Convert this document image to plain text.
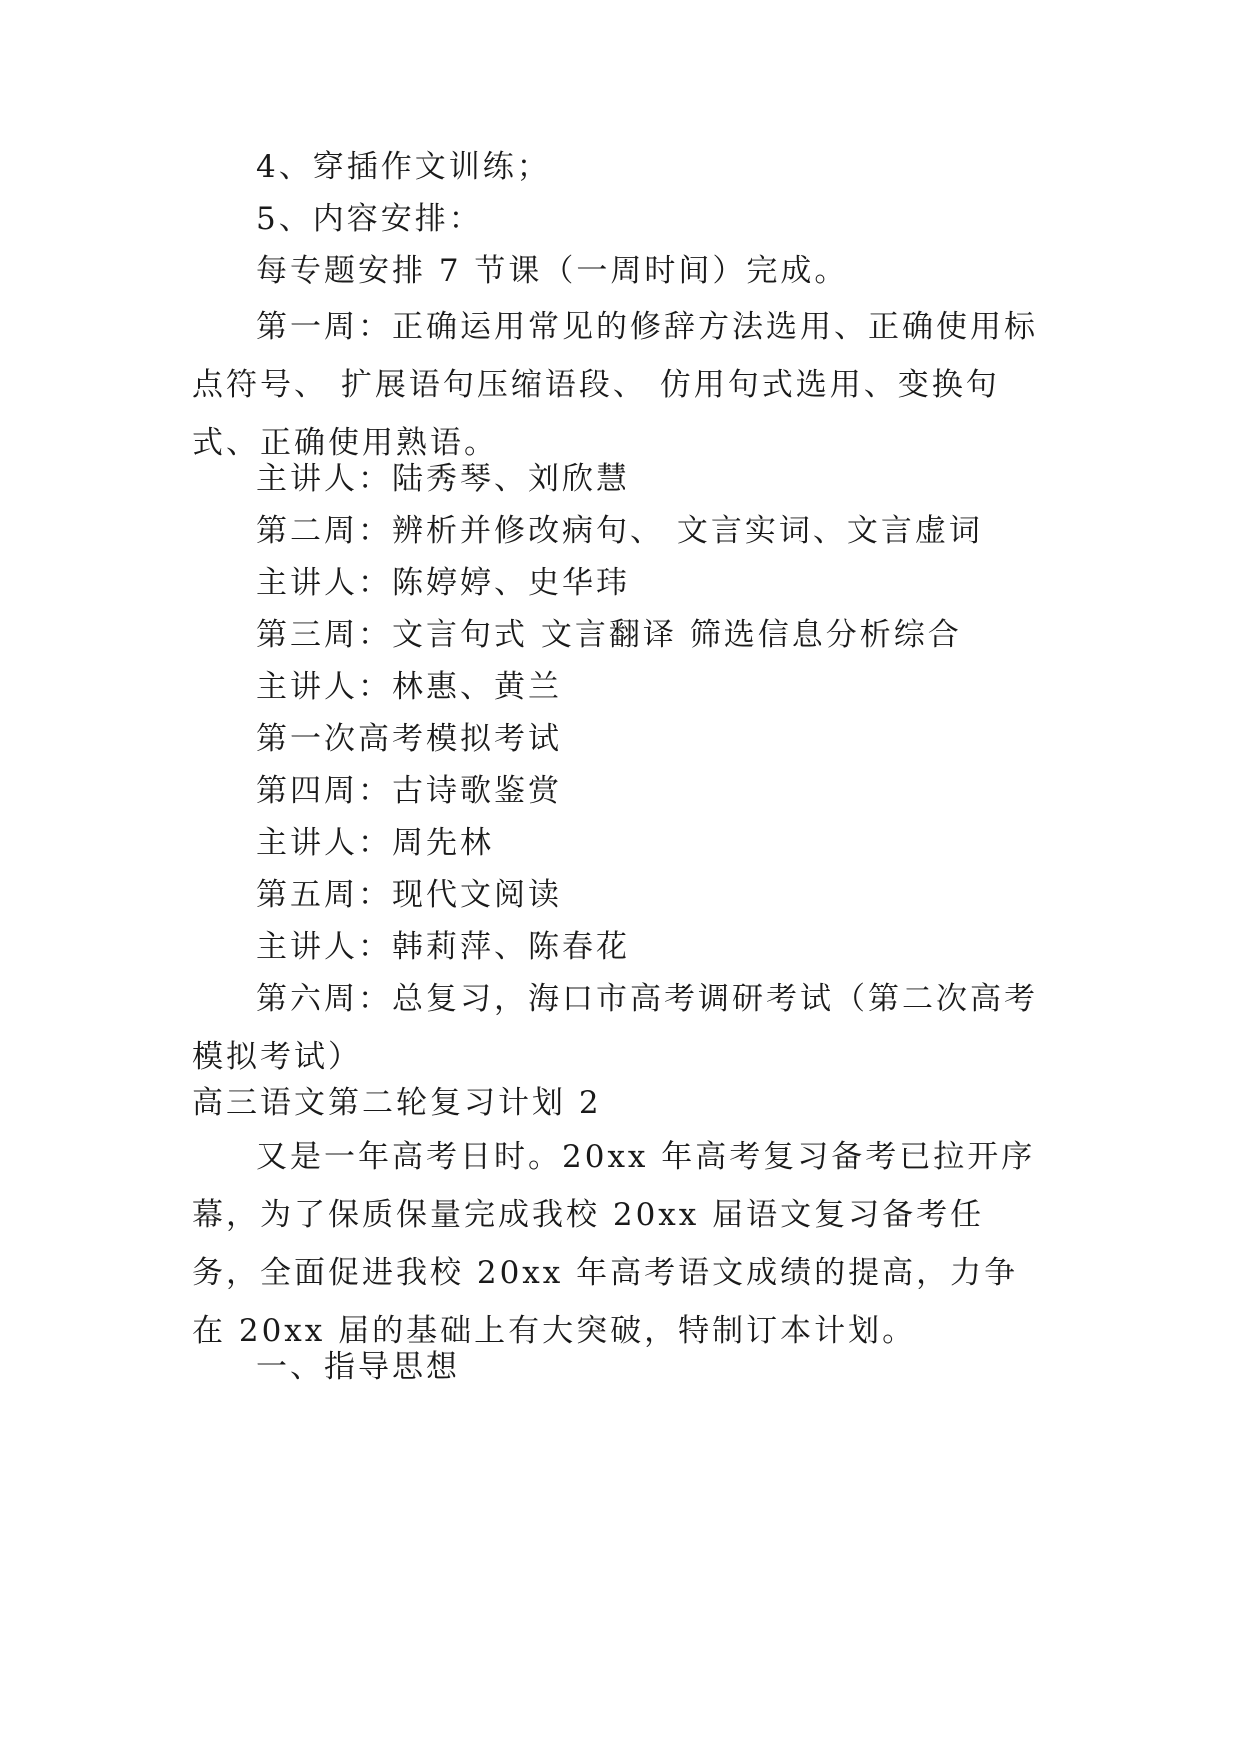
4、穿插作文训练；

5、内容安排：

每专题安排 7 节课（一周时间）完成。

第一周：正确运用常见的修辞方法选用、正确使用标点符号、 扩展语句压缩语段、 仿用句式选用、变换句式、正确使用熟语。

主讲人：陆秀琴、刘欣慧

第二周：辨析并修改病句、 文言实词、文言虚词

主讲人：陈婷婷、史华玮

第三周：文言句式 文言翻译 筛选信息分析综合

主讲人：林惠、黄兰

第一次高考模拟考试

第四周：古诗歌鉴赏

主讲人：周先林

第五周：现代文阅读

主讲人：韩莉萍、陈春花

第六周：总复习，海口市高考调研考试（第二次高考模拟考试）

高三语文第二轮复习计划 2

又是一年高考日时。20xx 年高考复习备考已拉开序幕，为了保质保量完成我校 20xx 届语文复习备考任务，全面促进我校 20xx 年高考语文成绩的提高，力争在 20xx 届的基础上有大突破，特制订本计划。

一、指导思想
